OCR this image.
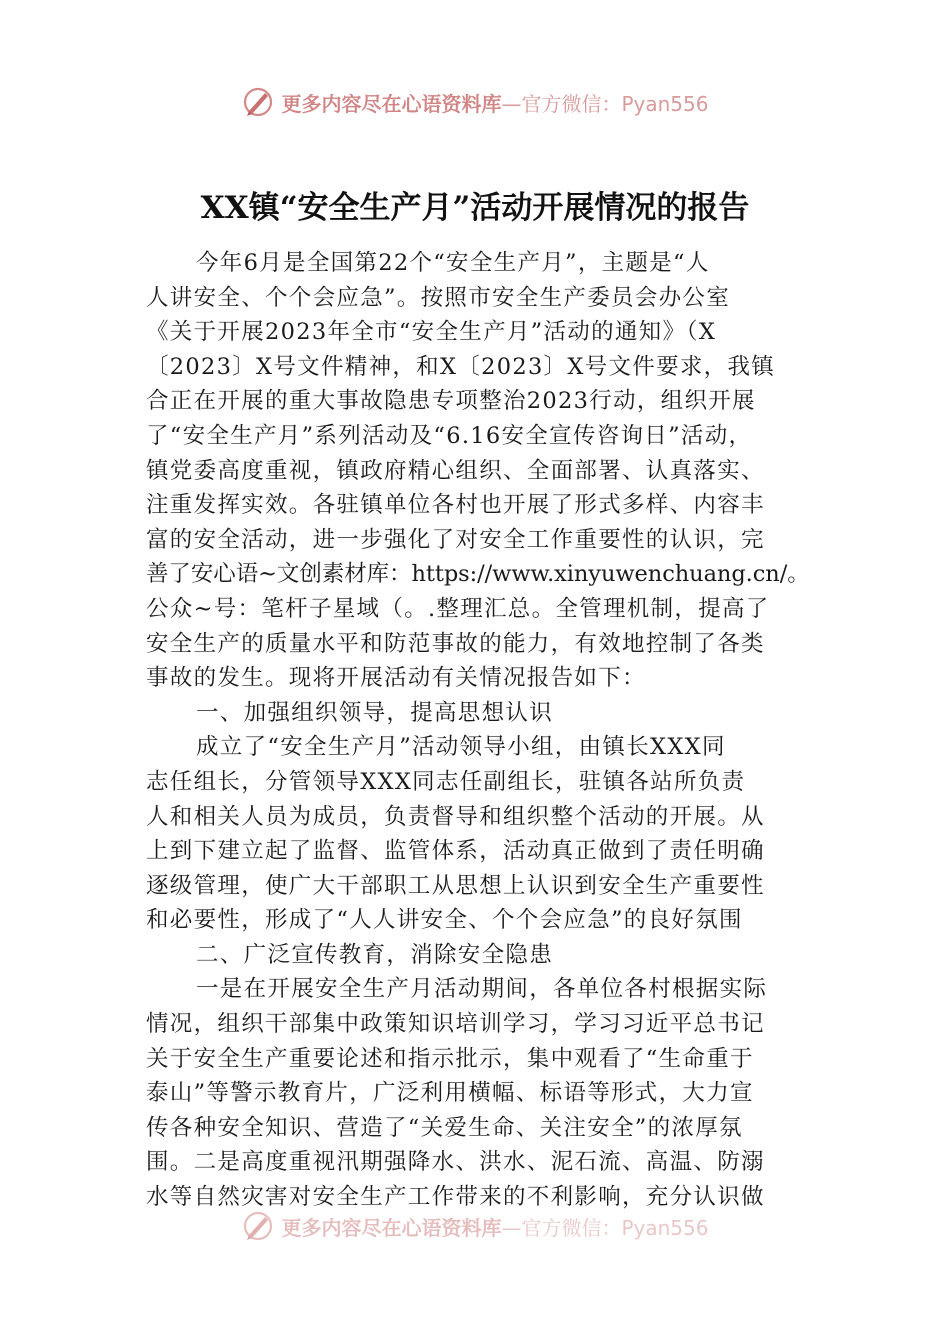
更多内容尽在心语资料库—官方微信：Pyan556
XX镇“安全生产月”活动开展情况的报告
今年6月是全国第22个“安全生产月”，主题是“人
人讲安全、个个会应急”。按照市安全生产委员会办公室
《关于开展2023年全市“安全生产月”活动的通知》（X
〔2023〕X号文件精神，和X〔2023〕X号文件要求，我镇
合正在开展的重大事故隐患专项整治2023行动，组织开展
了“安全生产月”系列活动及“6.16安全宣传咨询日”活动，
镇党委高度重视，镇政府精心组织、全面部署、认真落实、
注重发挥实效。各驻镇单位各村也开展了形式多样、内容丰
富的安全活动，进一步强化了对安全工作重要性的认识，完
善了安心语~文创素材库：https://www.xinyuwenchuang.cn/。
公众~号：笔杆子星域（。.整理汇总。全管理机制，提高了
安全生产的质量水平和防范事故的能力，有效地控制了各类
事故的发生。现将开展活动有关情况报告如下：
一、加强组织领导，提高思想认识
成立了“安全生产月”活动领导小组，由镇长XXX同
志任组长，分管领导XXX同志任副组长，驻镇各站所负责
人和相关人员为成员，负责督导和组织整个活动的开展。从
上到下建立起了监督、监管体系，活动真正做到了责任明确
逐级管理，使广大干部职工从思想上认识到安全生产重要性
和必要性，形成了“人人讲安全、个个会应急”的良好氛围
二、广泛宣传教育，消除安全隐患
一是在开展安全生产月活动期间，各单位各村根据实际
情况，组织干部集中政策知识培训学习，学习习近平总书记
关于安全生产重要论述和指示批示，集中观看了“生命重于
泰山”等警示教育片，广泛利用横幅、标语等形式，大力宣
传各种安全知识、营造了“关爱生命、关注安全”的浓厚氛
围。二是高度重视汛期强降水、洪水、泥石流、高温、防溺
水等自然灾害对安全生产工作带来的不利影响，充分认识做
更多内容尽在心语资料库—官方微信：Pyan556
